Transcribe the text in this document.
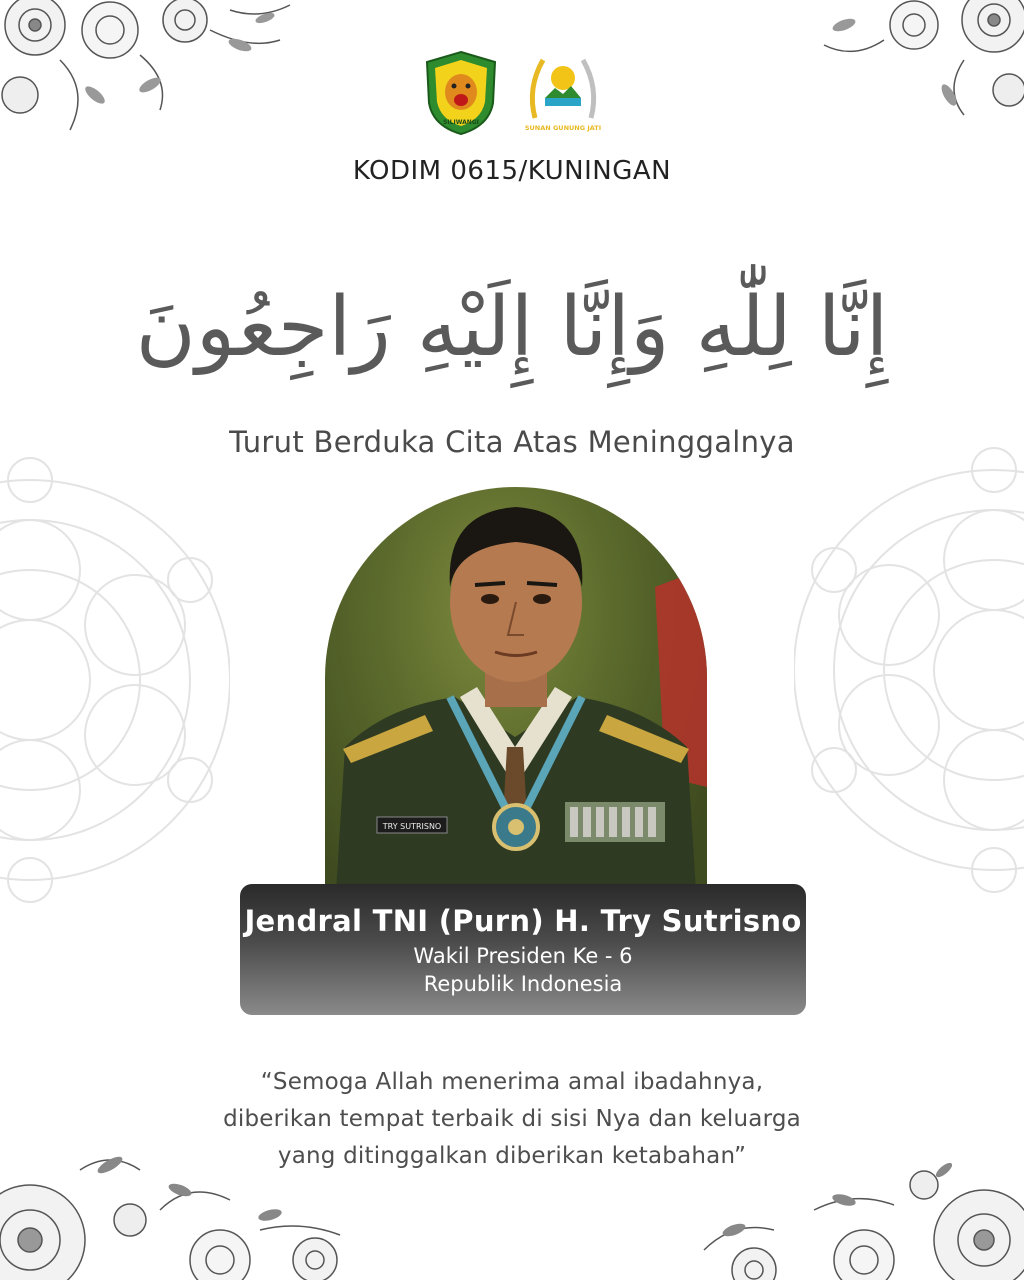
SILIWANGI
SUNAN GUNUNG JATI
KODIM 0615/KUNINGAN
إِنَّا لِلّٰهِ وَإِنَّا إِلَيْهِ رَاجِعُونَ
Turut Berduka Cita Atas Meninggalnya
TRY SUTRISNO
Jendral TNI (Purn) H. Try Sutrisno
Wakil Presiden Ke - 6
Republik Indonesia
“Semoga Allah menerima amal ibadahnya,
diberikan tempat terbaik di sisi Nya dan keluarga
yang ditinggalkan diberikan ketabahan”
